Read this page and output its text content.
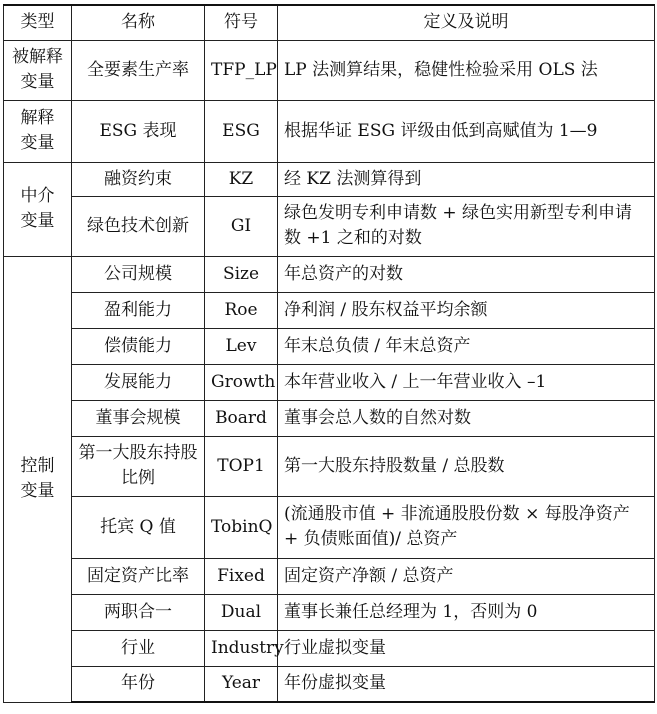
类型	名称	符号	定义及说明
被解释
变量	全要素生产率	TFP_LP	LP 法测算结果，稳健性检验采用 OLS 法
解释
变量	ESG 表现	ESG	根据华证 ESG 评级由低到高赋值为 1—9
中介
变量	融资约束	KZ	经 KZ 法测算得到
	绿色技术创新	GI	绿色发明专利申请数 + 绿色实用新型专利申请数 +1 之和的对数
控制
变量	公司规模	Size	年总资产的对数
	盈利能力	Roe	净利润 / 股东权益平均余额
	偿债能力	Lev	年末总负债 / 年末总资产
	发展能力	Growth	本年营业收入 / 上一年营业收入 –1
	董事会规模	Board	董事会总人数的自然对数
	第一大股东持股比例	TOP1	第一大股东持股数量 / 总股数
	托宾 Q 值	TobinQ	(流通股市值 + 非流通股股份数 × 每股净资产 + 负债账面值)/ 总资产
	固定资产比率	Fixed	固定资产净额 / 总资产
	两职合一	Dual	董事长兼任总经理为 1，否则为 0
	行业	Industry	行业虚拟变量
	年份	Year	年份虚拟变量
